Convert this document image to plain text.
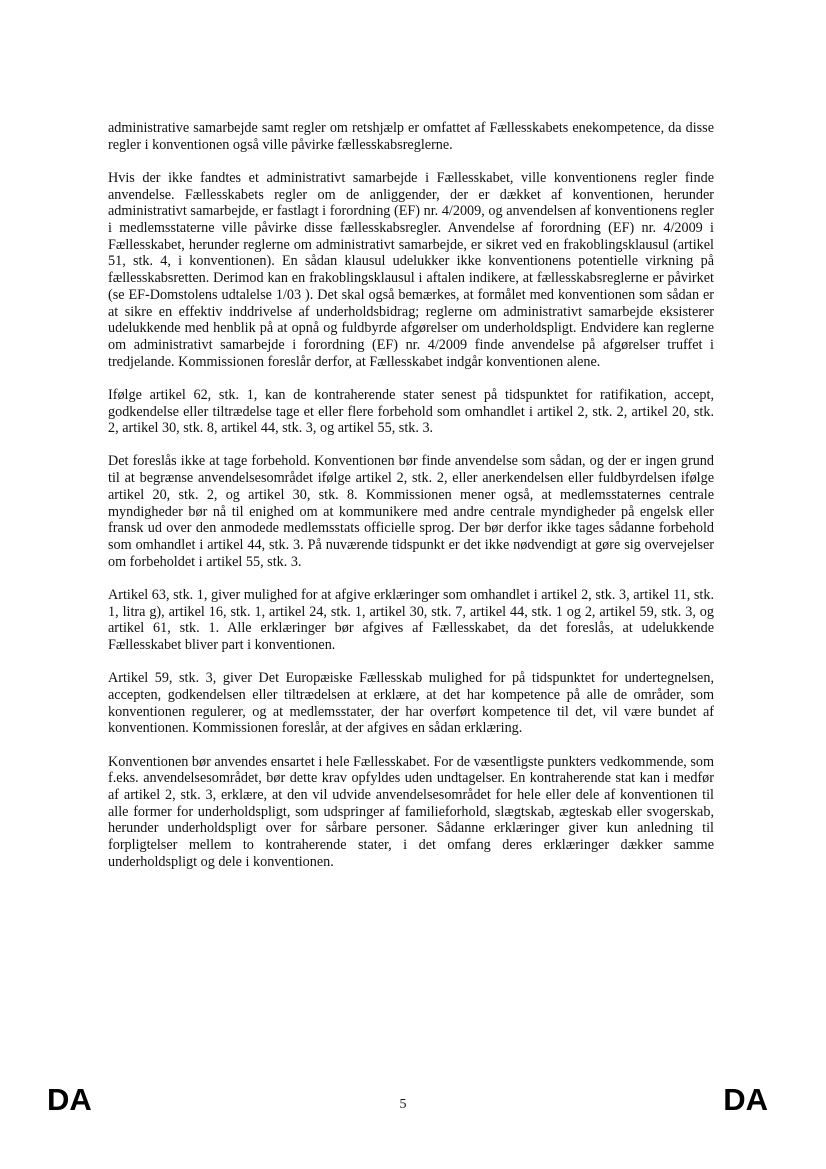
administrative samarbejde samt regler om retshjælp er omfattet af Fællesskabets enekompetence, da disse regler i konventionen også ville påvirke fællesskabsreglerne.

Hvis der ikke fandtes et administrativt samarbejde i Fællesskabet, ville konventionens regler finde anvendelse. Fællesskabets regler om de anliggender, der er dækket af konventionen, herunder administrativt samarbejde, er fastlagt i forordning (EF) nr. 4/2009, og anvendelsen af konventionens regler i medlemsstaterne ville påvirke disse fællesskabsregler. Anvendelse af forordning (EF) nr. 4/2009 i Fællesskabet, herunder reglerne om administrativt samarbejde, er sikret ved en frakoblingsklausul (artikel 51, stk. 4, i konventionen). En sådan klausul udelukker ikke konventionens potentielle virkning på fællesskabsretten. Derimod kan en frakoblingsklausul i aftalen indikere, at fællesskabsreglerne er påvirket (se EF-Domstolens udtalelse 1/03 ). Det skal også bemærkes, at formålet med konventionen som sådan er at sikre en effektiv inddrivelse af underholdsbidrag; reglerne om administrativt samarbejde eksisterer udelukkende med henblik på at opnå og fuldbyrde afgørelser om underholdspligt. Endvidere kan reglerne om administrativt samarbejde i forordning (EF) nr. 4/2009 finde anvendelse på afgørelser truffet i tredjelande. Kommissionen foreslår derfor, at Fællesskabet indgår konventionen alene.

Ifølge artikel 62, stk. 1, kan de kontraherende stater senest på tidspunktet for ratifikation, accept, godkendelse eller tiltrædelse tage et eller flere forbehold som omhandlet i artikel 2, stk. 2, artikel 20, stk. 2, artikel 30, stk. 8, artikel 44, stk. 3, og artikel 55, stk. 3.

Det foreslås ikke at tage forbehold. Konventionen bør finde anvendelse som sådan, og der er ingen grund til at begrænse anvendelsesområdet ifølge artikel 2, stk. 2, eller anerkendelsen eller fuldbyrdelsen ifølge artikel 20, stk. 2, og artikel 30, stk. 8. Kommissionen mener også, at medlemsstaternes centrale myndigheder bør nå til enighed om at kommunikere med andre centrale myndigheder på engelsk eller fransk ud over den anmodede medlemsstats officielle sprog. Der bør derfor ikke tages sådanne forbehold som omhandlet i artikel 44, stk. 3. På nuværende tidspunkt er det ikke nødvendigt at gøre sig overvejelser om forbeholdet i artikel 55, stk. 3.

Artikel 63, stk. 1, giver mulighed for at afgive erklæringer som omhandlet i artikel 2, stk. 3, artikel 11, stk. 1, litra g), artikel 16, stk. 1, artikel 24, stk. 1, artikel 30, stk. 7, artikel 44, stk. 1 og 2, artikel 59, stk. 3, og artikel 61, stk. 1. Alle erklæringer bør afgives af Fællesskabet, da det foreslås, at udelukkende Fællesskabet bliver part i konventionen.

Artikel 59, stk. 3, giver Det Europæiske Fællesskab mulighed for på tidspunktet for undertegnelsen, accepten, godkendelsen eller tiltrædelsen at erklære, at det har kompetence på alle de områder, som konventionen regulerer, og at medlemsstater, der har overført kompetence til det, vil være bundet af konventionen. Kommissionen foreslår, at der afgives en sådan erklæring.

Konventionen bør anvendes ensartet i hele Fællesskabet. For de væsentligste punkters vedkommende, som f.eks. anvendelsesområdet, bør dette krav opfyldes uden undtagelser. En kontraherende stat kan i medfør af artikel 2, stk. 3, erklære, at den vil udvide anvendelsesområdet for hele eller dele af konventionen til alle former for underholdspligt, som udspringer af familieforhold, slægtskab, ægteskab eller svogerskab, herunder underholdspligt over for sårbare personer. Sådanne erklæringer giver kun anledning til forpligtelser mellem to kontraherende stater, i det omfang deres erklæringer dækker samme underholdspligt og dele i konventionen.

DA	5	DA
